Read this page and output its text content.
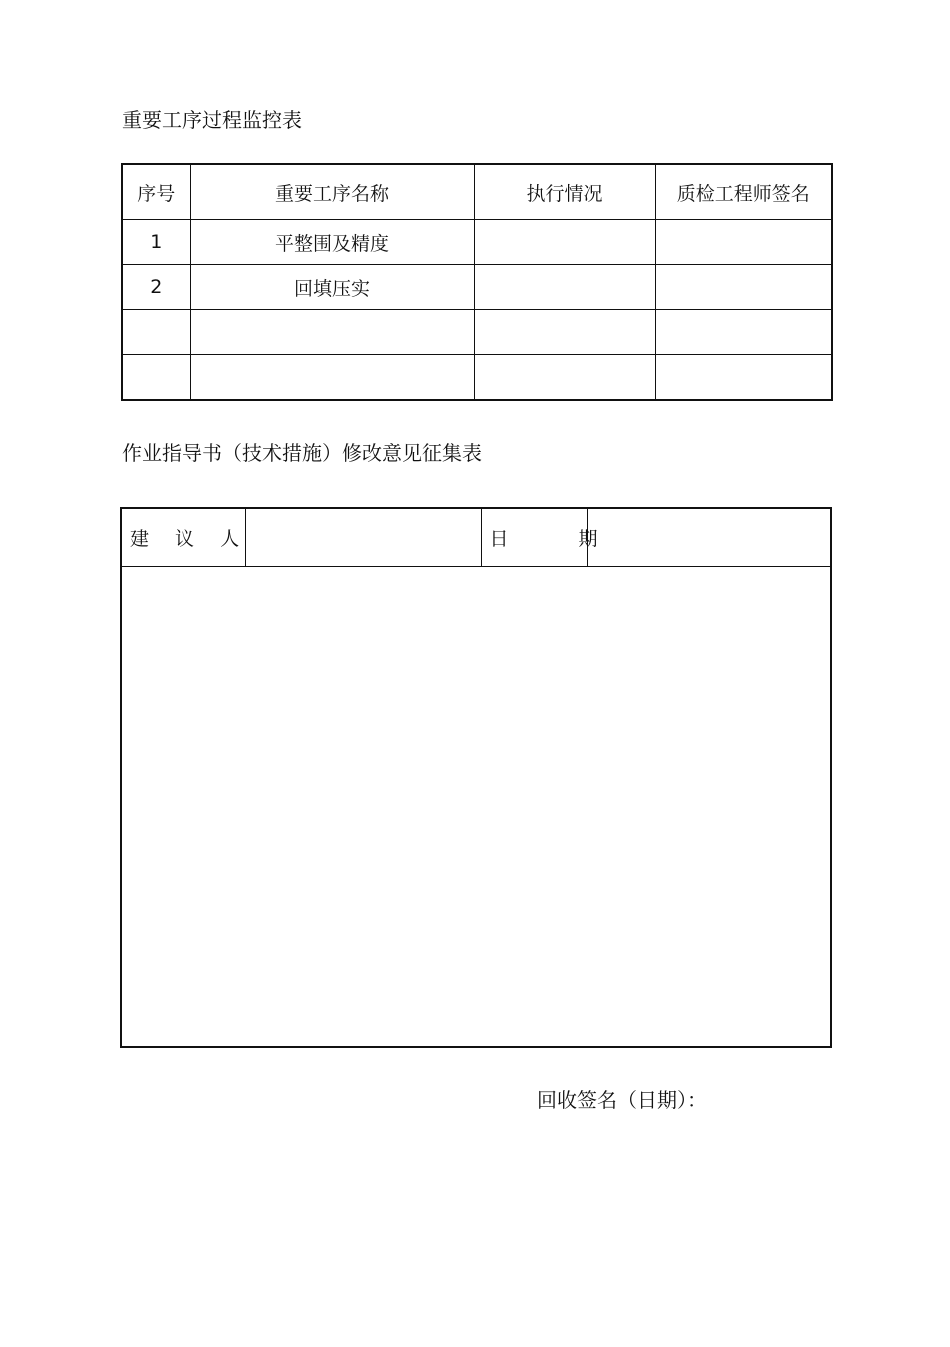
重要工序过程监控表
序号	重要工序名称	执行情况	质检工程师签名
1	平整围及精度		
2	回填压实		

作业指导书（技术措施）修改意见征集表
建 议 人		日 期	

回收签名（日期）：
